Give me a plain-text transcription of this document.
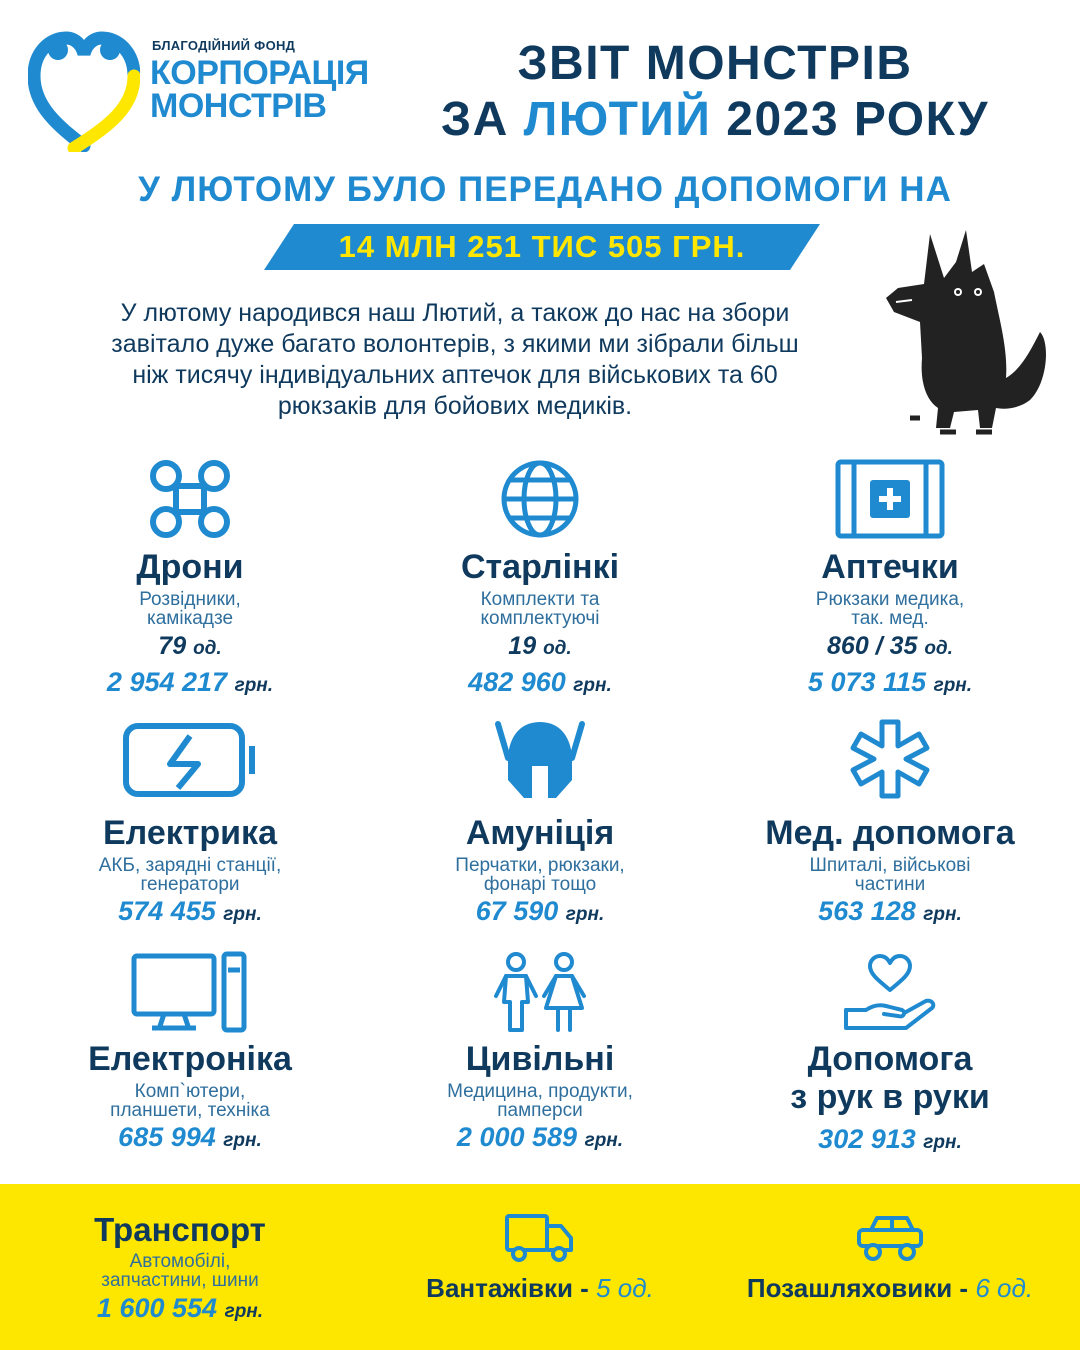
БЛАГОДІЙНИЙ ФОНД
КОРПОРАЦІЯ
МОНСТРІВ
ЗВІТ МОНСТРІВ
ЗА ЛЮТИЙ 2023 РОКУ
У ЛЮТОМУ БУЛО ПЕРЕДАНО ДОПОМОГИ НА
14 МЛН 251 ТИС 505 ГРН.
У лютому народився наш Лютий, а також до нас на збори
завітало дуже багато волонтерів, з якими ми зібрали більш
ніж тисячу індивідуальних аптечок для військових та 60
рюкзаків для бойових медиків.
Дрони
Розвідники,
камікадзе
79 од.
2 954 217 грн.
Старлінкі
Комплекти та
комплектуючі
19 од.
482 960 грн.
Аптечки
Рюкзаки медика,
так. мед.
860 / 35 од.
5 073 115 грн.
Електрика
АКБ, зарядні станції,
генератори
574 455 грн.
Амуніція
Перчатки, рюкзаки,
фонарі тощо
67 590 грн.
Мед. допомога
Шпиталі, військові
частини
563 128 грн.
Електроніка
Комп`ютери,
планшети, техніка
685 994 грн.
Цивільні
Медицина, продукти,
памперси
2 000 589 грн.
Допомога
з рук в руки
302 913 грн.
Транспорт
Автомобілі,
запчастини, шини
1 600 554 грн.
Вантажівки - 5 од.	Позашляховики - 6 од.
